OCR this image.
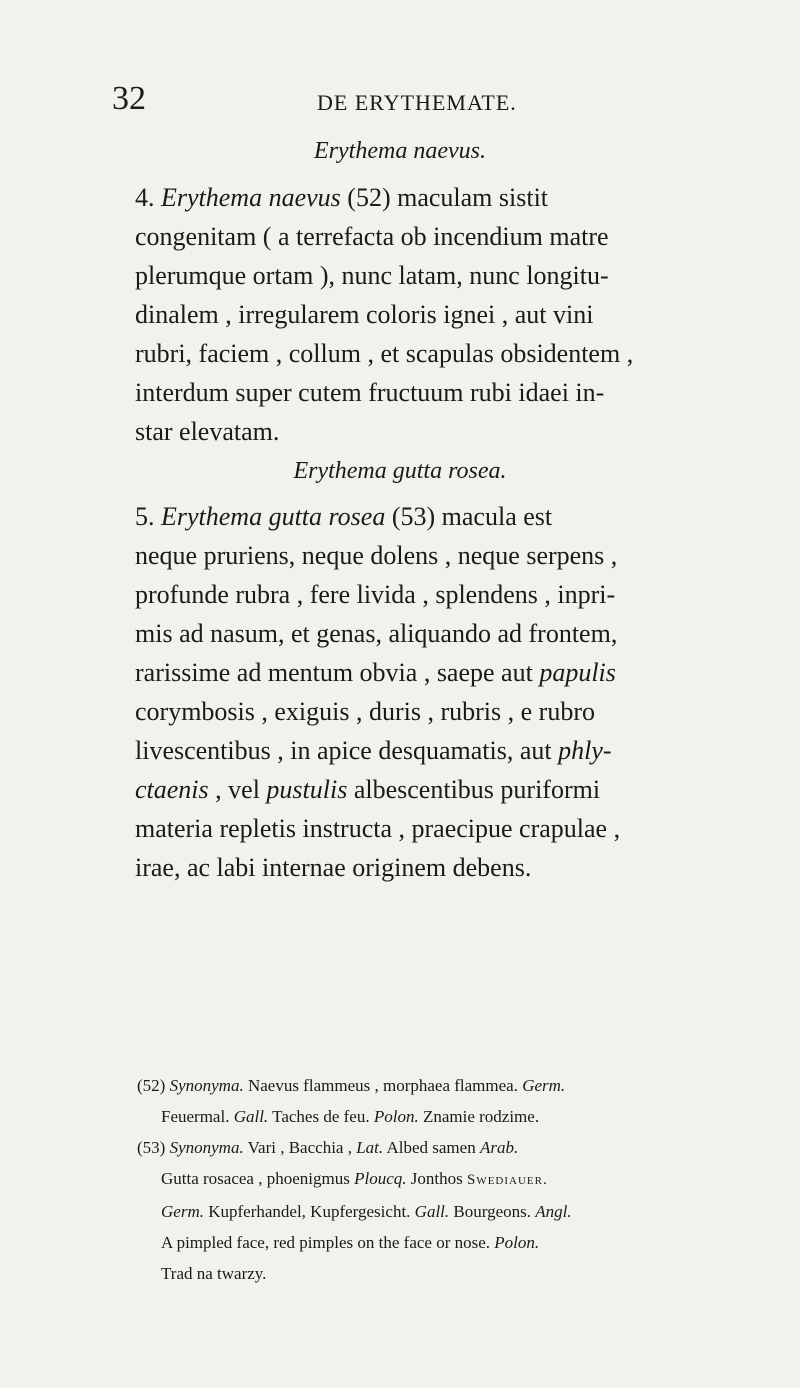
32	DE ERYTHEMATE.
Erythema naevus.
4. Erythema naevus (52) maculam sistit
congenitam ( a terrefacta ob incendium matre
plerumque ortam ), nunc latam, nunc longitu-
dinalem , irregularem coloris ignei , aut vini
rubri, faciem , collum , et scapulas obsidentem ,
interdum super cutem fructuum rubi idaei in-
star elevatam.
Erythema gutta rosea.
5. Erythema gutta rosea (53) macula est
neque pruriens, neque dolens , neque serpens ,
profunde rubra , fere livida , splendens , inpri-
mis ad nasum, et genas, aliquando ad frontem,
rarissime ad mentum obvia , saepe aut papulis
corymbosis , exiguis , duris , rubris , e rubro
livescentibus , in apice desquamatis, aut phly-
ctaenis , vel pustulis albescentibus puriformi
materia repletis instructa , praecipue crapulae ,
irae, ac labi internae originem debens.
(52) Synonyma. Naevus flammeus , morphaea flammea. Germ.
Feuermal. Gall. Taches de feu. Polon. Znamie rodzimе.
(53) Synonyma. Vari , Bacchia , Lat. Albed samen Arab.
Gutta rosacea , phoenigmus Ploucq. Jonthos Swediauer.
Germ. Kupferhandel, Kupfergesicht. Gall. Bourgeons. Angl.
A pimpled face, red pimples on the face or nose. Polon.
Trad na twarzy.
